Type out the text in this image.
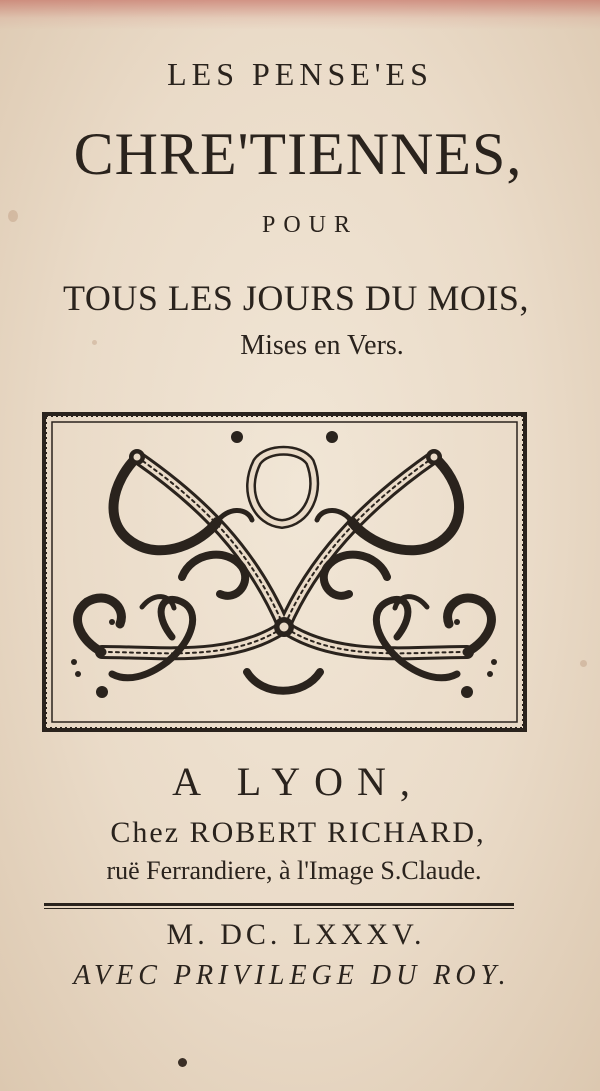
LES PENSE'ES
CHRE'TIENNES,
POUR
TOUS LES JOURS DU MOIS,
Mises en Vers.
A LYON,
Chez ROBERT RICHARD,
ruë Ferrandiere, à l'Image S.Claude.
M. DC. LXXXV.
AVEC PRIVILEGE DU ROY.
